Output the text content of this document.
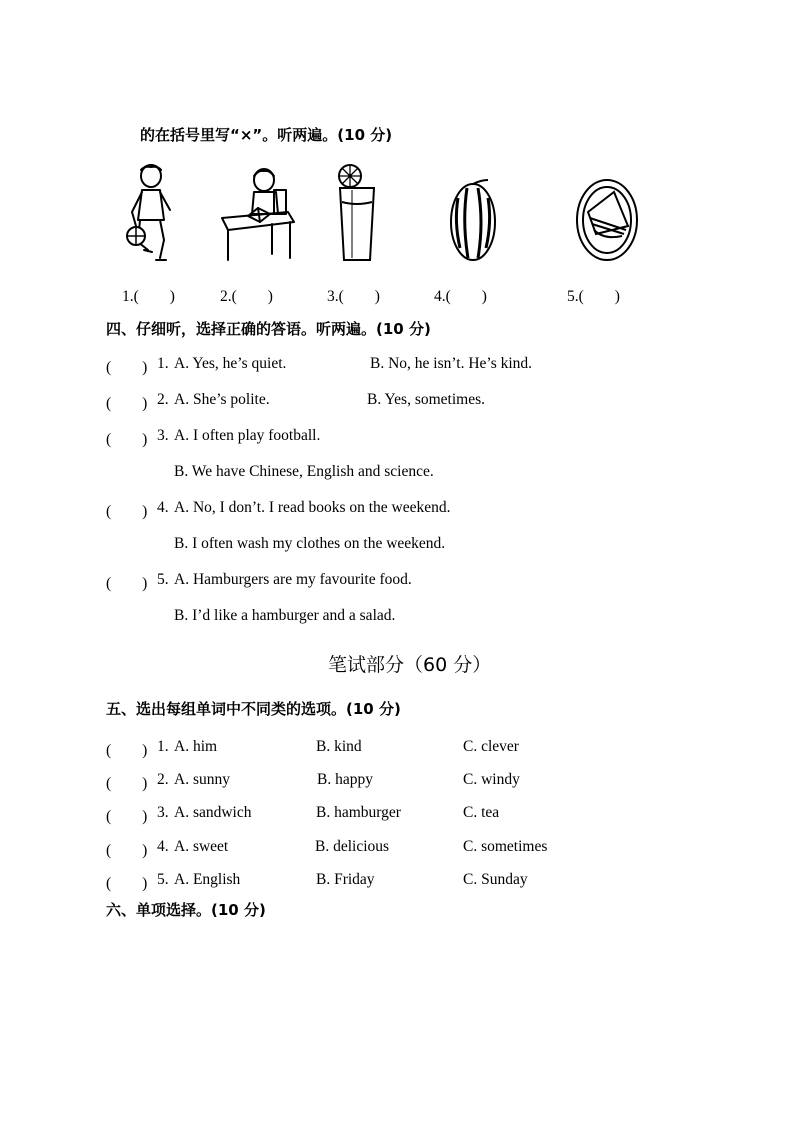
的在括号里写“×”。听两遍。(10 分)
1.(　　)	2.(　　)	3.(　　)	4.(　　)	5.(　　)
四、仔细听，选择正确的答语。听两遍。(10 分)
(　　) 1. A. Yes, he’s quiet.	B. No, he isn’t. He’s kind.
(　　) 2. A. She’s polite.	B. Yes, sometimes.
(　　) 3. A. I often play football.
B. We have Chinese, English and science.
(　　) 4. A. No, I don’t. I read books on the weekend.
B. I often wash my clothes on the weekend.
(　　) 5. A. Hamburgers are my favourite food.
B. I’d like a hamburger and a salad.
笔试部分（60 分）
五、选出每组单词中不同类的选项。(10 分)
(　　) 1. A. him	B. kind	C. clever
(　　) 2. A. sunny	B. happy	C. windy
(　　) 3. A. sandwich	B. hamburger	C. tea
(　　) 4. A. sweet	B. delicious	C. sometimes
(　　) 5. A. English	B. Friday	C. Sunday
六、单项选择。(10 分)
